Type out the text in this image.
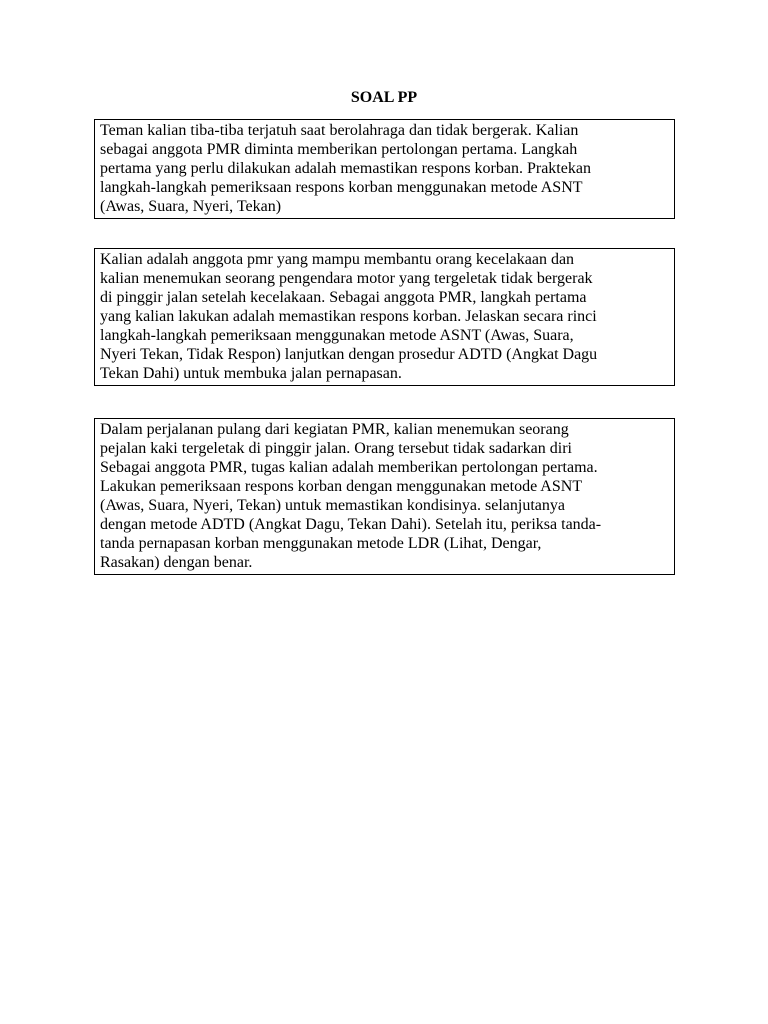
SOAL PP
Teman kalian tiba-tiba terjatuh saat berolahraga dan tidak bergerak. Kalian
sebagai anggota PMR diminta memberikan pertolongan pertama. Langkah
pertama yang perlu dilakukan adalah memastikan respons korban. Praktekan
langkah-langkah pemeriksaan respons korban menggunakan metode ASNT
(Awas, Suara, Nyeri, Tekan)
Kalian adalah anggota pmr yang mampu membantu orang kecelakaan dan
kalian menemukan seorang pengendara motor yang tergeletak tidak bergerak
di pinggir jalan setelah kecelakaan. Sebagai anggota PMR, langkah pertama
yang kalian lakukan adalah memastikan respons korban. Jelaskan secara rinci
langkah-langkah pemeriksaan menggunakan metode ASNT (Awas, Suara,
Nyeri Tekan, Tidak Respon) lanjutkan dengan prosedur ADTD (Angkat Dagu
Tekan Dahi) untuk membuka jalan pernapasan.
Dalam perjalanan pulang dari kegiatan PMR, kalian menemukan seorang
pejalan kaki tergeletak di pinggir jalan. Orang tersebut tidak sadarkan diri
Sebagai anggota PMR, tugas kalian adalah memberikan pertolongan pertama.
Lakukan pemeriksaan respons korban dengan menggunakan metode ASNT
(Awas, Suara, Nyeri, Tekan) untuk memastikan kondisinya. selanjutanya
dengan metode ADTD (Angkat Dagu, Tekan Dahi). Setelah itu, periksa tanda-
tanda pernapasan korban menggunakan metode LDR (Lihat, Dengar,
Rasakan) dengan benar.
